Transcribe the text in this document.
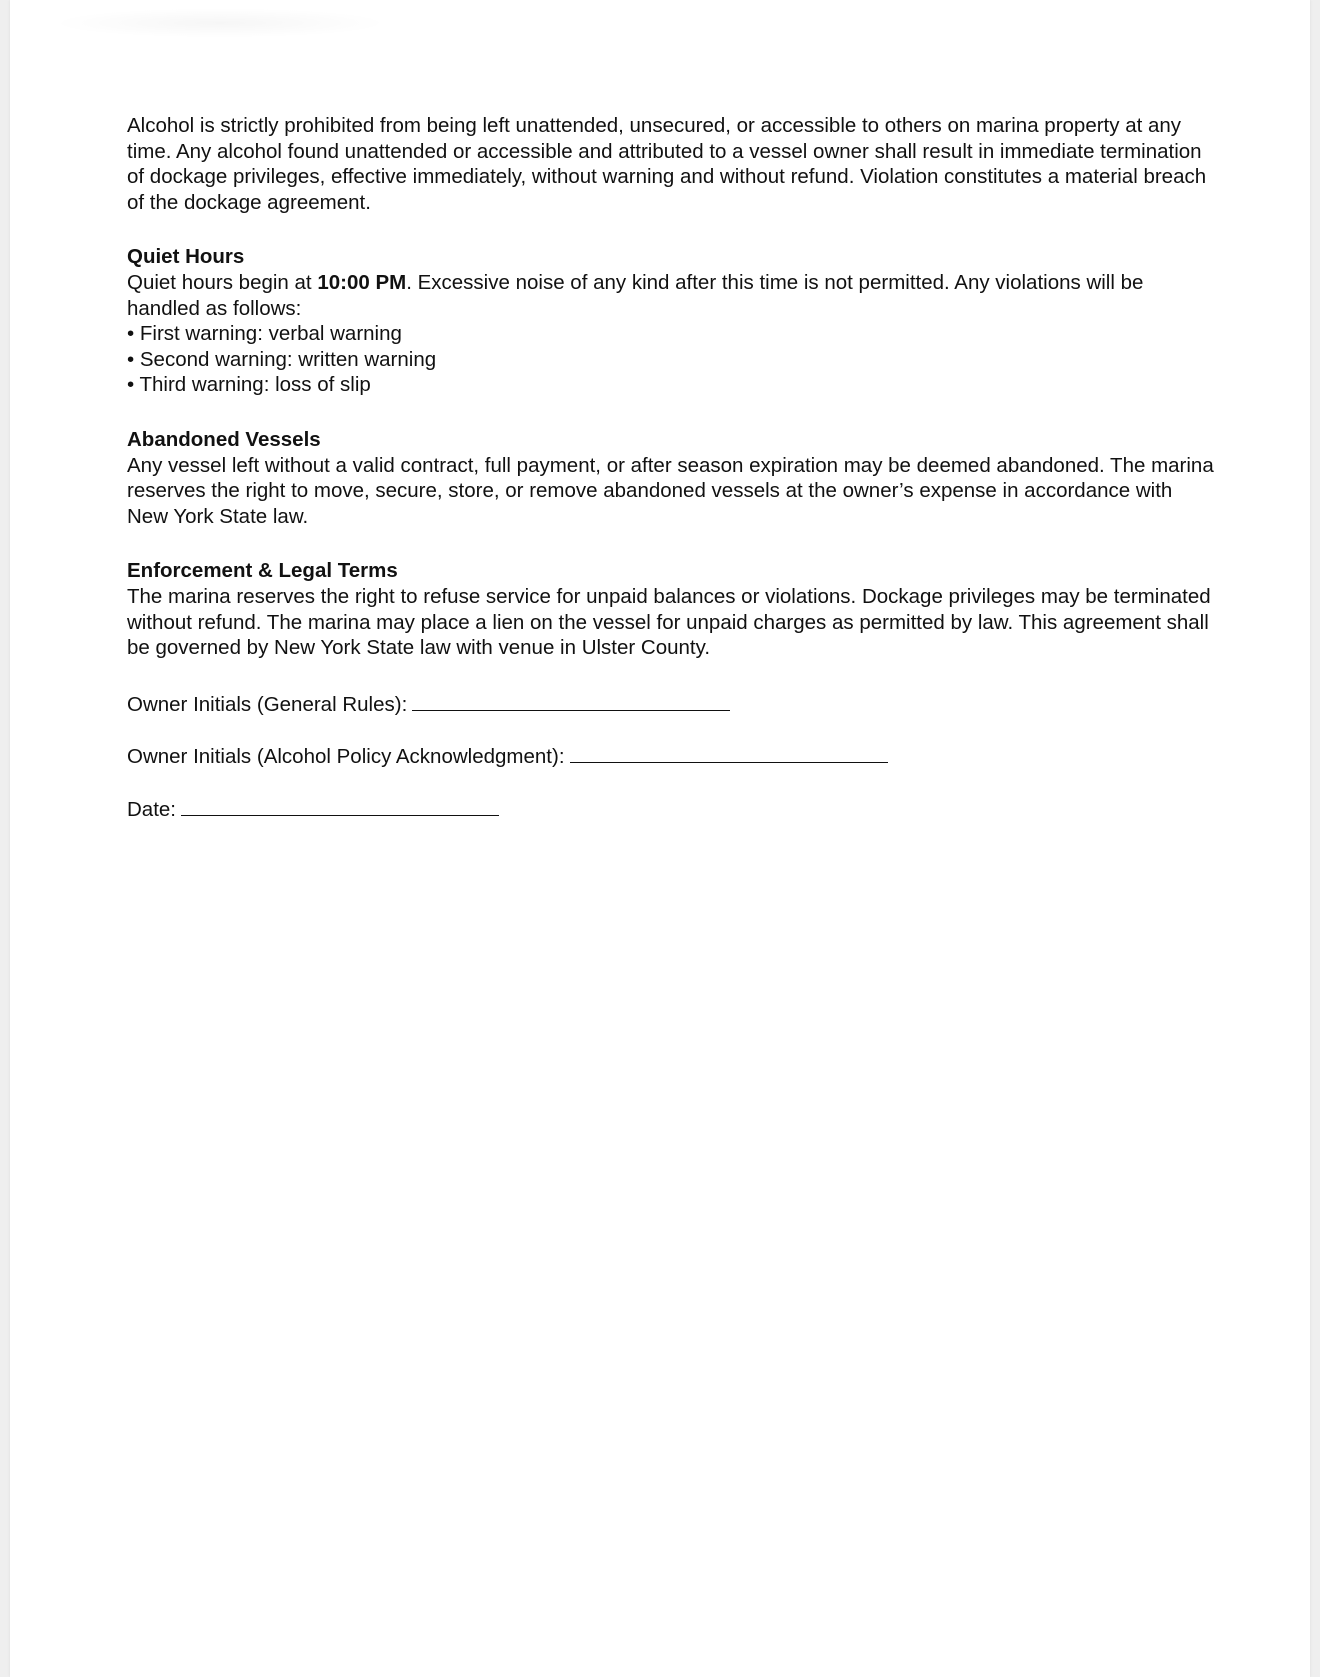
Alcohol is strictly prohibited from being left unattended, unsecured, or accessible to others on marina property at any time. Any alcohol found unattended or accessible and attributed to a vessel owner shall result in immediate termination of dockage privileges, effective immediately, without warning and without refund. Violation constitutes a material breach of the dockage agreement.

Quiet Hours

Quiet hours begin at 10:00 PM. Excessive noise of any kind after this time is not permitted. Any violations will be handled as follows:

• First warning: verbal warning
• Second warning: written warning
• Third warning: loss of slip

Abandoned Vessels

Any vessel left without a valid contract, full payment, or after season expiration may be deemed abandoned. The marina reserves the right to move, secure, store, or remove abandoned vessels at the owner’s expense in accordance with New York State law.

Enforcement & Legal Terms

The marina reserves the right to refuse service for unpaid balances or violations. Dockage privileges may be terminated without refund. The marina may place a lien on the vessel for unpaid charges as permitted by law. This agreement shall be governed by New York State law with venue in Ulster County.

Owner Initials (General Rules):

Owner Initials (Alcohol Policy Acknowledgment):

Date:
